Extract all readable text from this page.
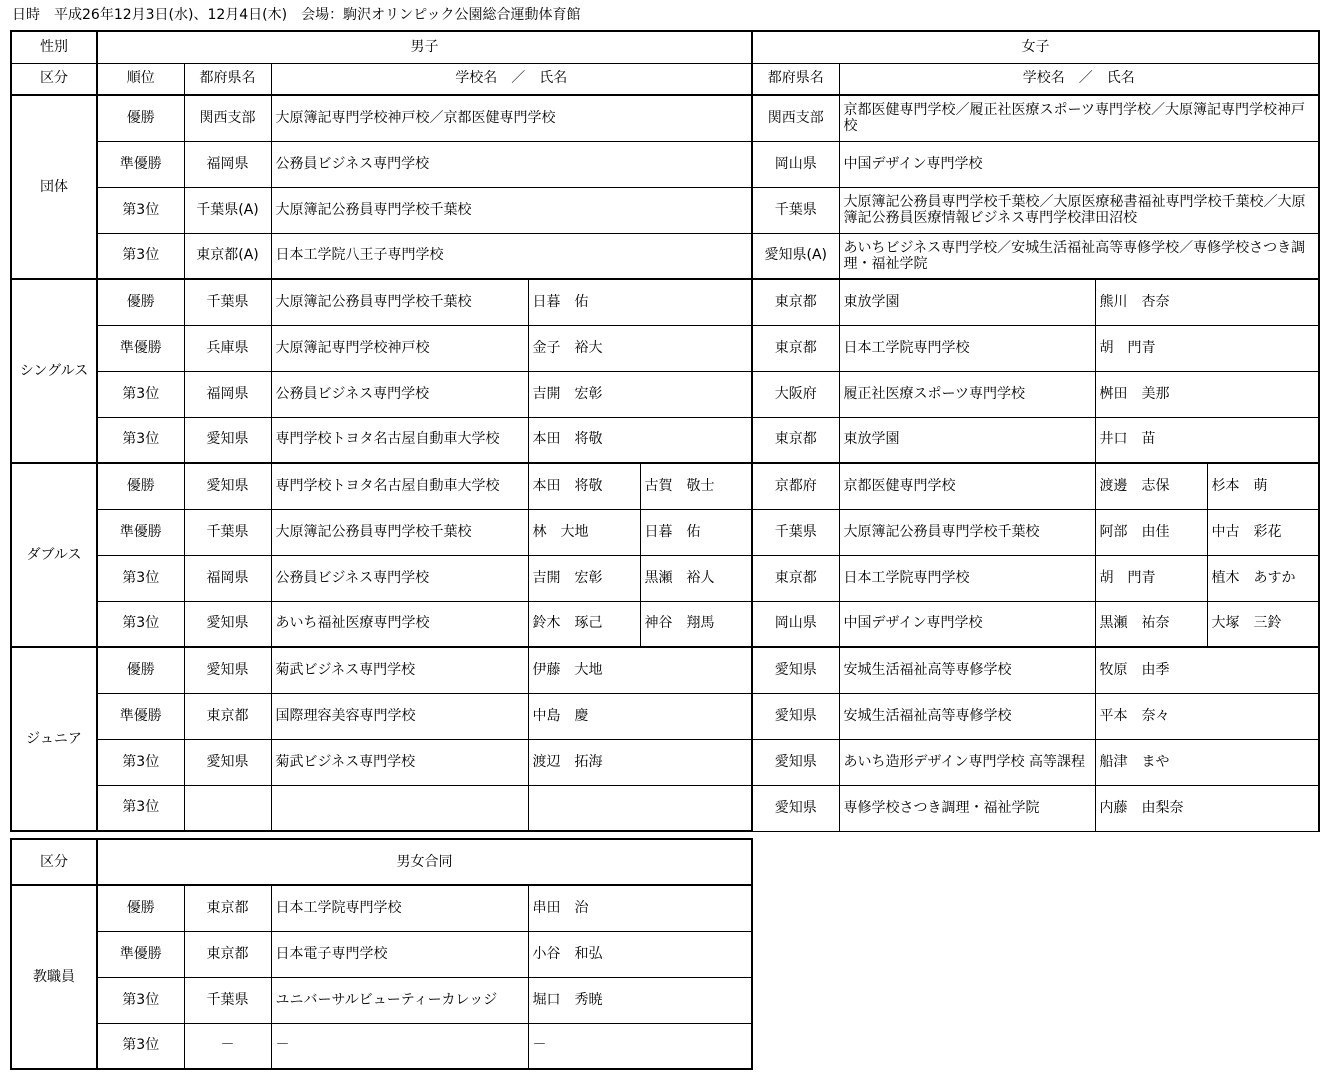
日時　平成26年12月3日(水)、12月4日(木)　会場：駒沢オリンピック公園総合運動体育館
性別	男子					女子			
区分	順位	都府県名	学校名　／　氏名			都府県名	学校名　／　氏名		
団体	優勝	関西支部	大原簿記専門学校神戸校／京都医健専門学校			関西支部	京都医健専門学校／履正社医療スポーツ専門学校／大原簿記専門学校神戸校		
	準優勝	福岡県	公務員ビジネス専門学校			岡山県	中国デザイン専門学校		
	第3位	千葉県(A)	大原簿記公務員専門学校千葉校			千葉県	大原簿記公務員専門学校千葉校／大原医療秘書福祉専門学校千葉校／大原簿記公務員医療情報ビジネス専門学校津田沼校		
	第3位	東京都(A)	日本工学院八王子専門学校			愛知県(A)	あいちビジネス専門学校／安城生活福祉高等専修学校／専修学校さつき調理・福祉学院		
シングルス	優勝	千葉県	大原簿記公務員専門学校千葉校	日暮　佑		東京都	東放学園	熊川　杏奈	
	準優勝	兵庫県	大原簿記専門学校神戸校	金子　裕大		東京都	日本工学院専門学校	胡　門青	
	第3位	福岡県	公務員ビジネス専門学校	吉開　宏彰		大阪府	履正社医療スポーツ専門学校	桝田　美那	
	第3位	愛知県	専門学校トヨタ名古屋自動車大学校	本田　将敬		東京都	東放学園	井口　苗	
ダブルス	優勝	愛知県	専門学校トヨタ名古屋自動車大学校	本田　将敬	古賀　敬士	京都府	京都医健専門学校	渡邊　志保	杉本　萌
	準優勝	千葉県	大原簿記公務員専門学校千葉校	林　大地	日暮　佑	千葉県	大原簿記公務員専門学校千葉校	阿部　由佳	中古　彩花
	第3位	福岡県	公務員ビジネス専門学校	吉開　宏彰	黒瀬　裕人	東京都	日本工学院専門学校	胡　門青	植木　あすか
	第3位	愛知県	あいち福祉医療専門学校	鈴木　琢己	神谷　翔馬	岡山県	中国デザイン専門学校	黒瀬　祐奈	大塚　三鈴
ジュニア	優勝	愛知県	菊武ビジネス専門学校	伊藤　大地		愛知県	安城生活福祉高等専修学校	牧原　由季	
	準優勝	東京都	国際理容美容専門学校	中島　慶		愛知県	安城生活福祉高等専修学校	平本　奈々	
	第3位	愛知県	菊武ビジネス専門学校	渡辺　拓海		愛知県	あいち造形デザイン専門学校 高等課程	船津　まや	
	第3位					愛知県	専修学校さつき調理・福祉学院	内藤　由梨奈	
区分	男女合同			
教職員	優勝	東京都	日本工学院専門学校	串田　治
	準優勝	東京都	日本電子専門学校	小谷　和弘
	第3位	千葉県	ユニバーサルビューティーカレッジ	堀口　秀暁
	第3位	－	－	－
